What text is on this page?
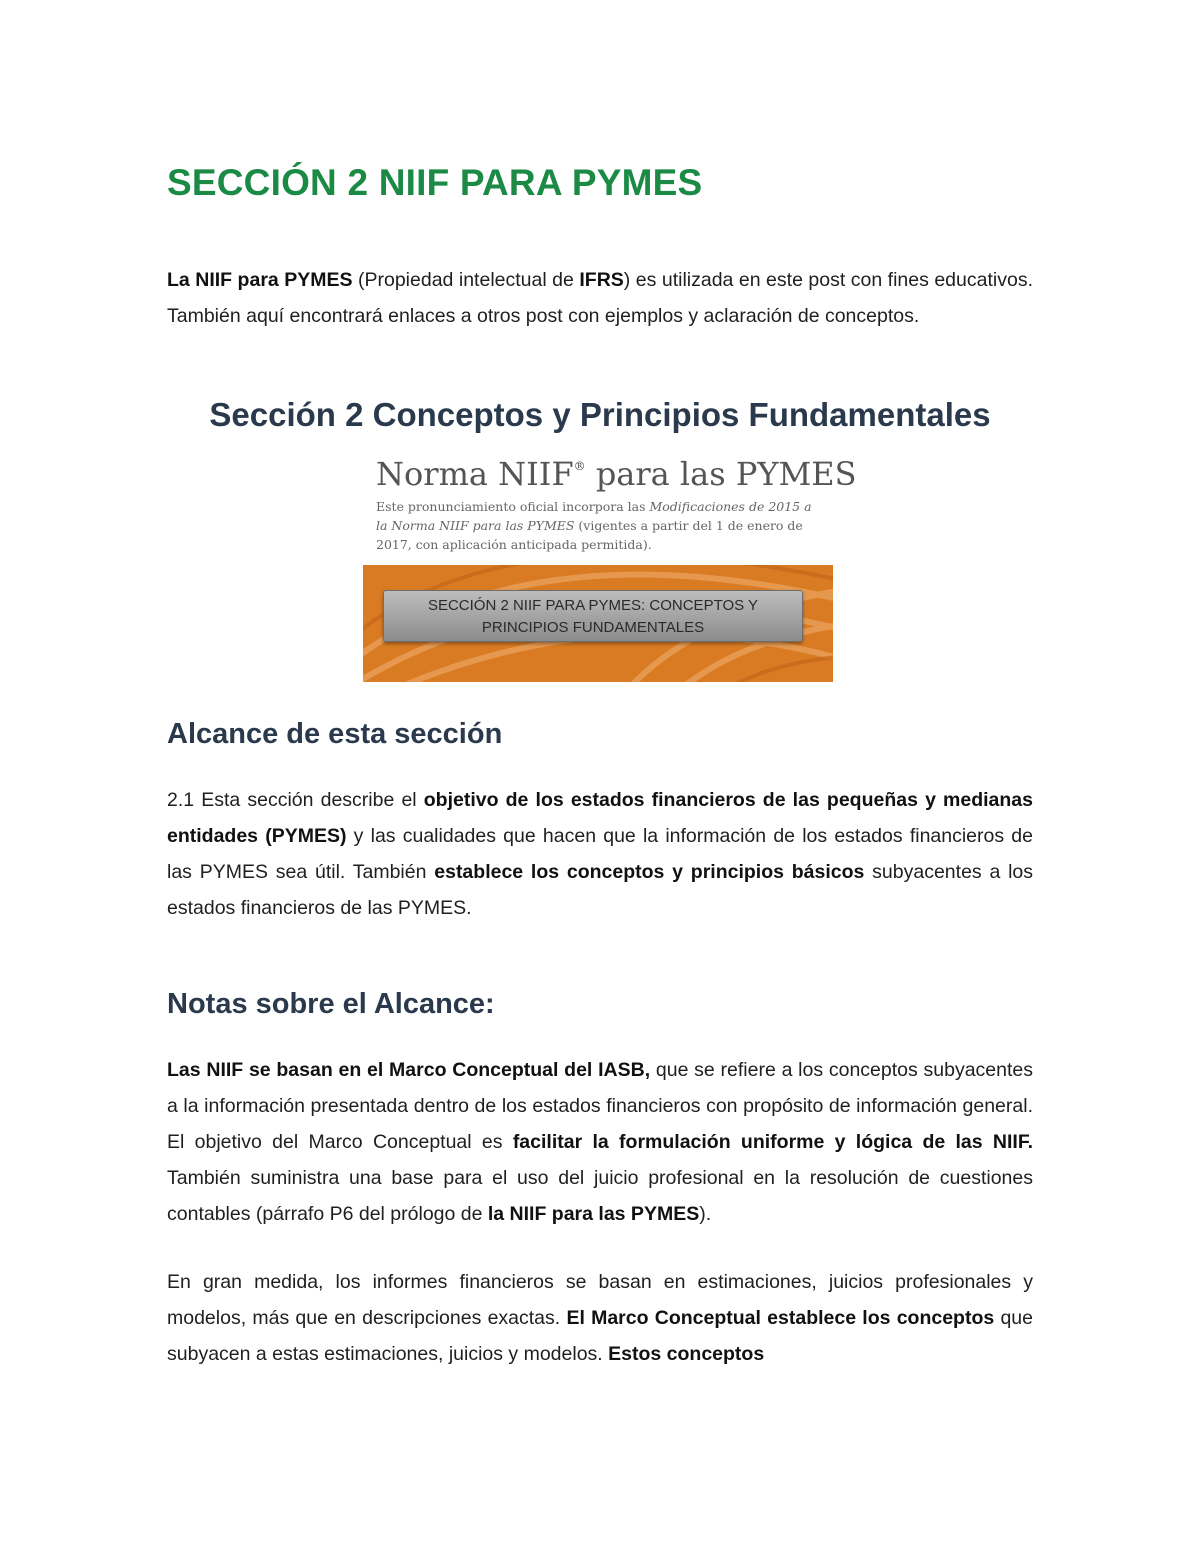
SECCIÓN 2 NIIF PARA PYMES

La NIIF para PYMES (Propiedad intelectual de IFRS) es utilizada en este post con fines educativos. También aquí encontrará enlaces a otros post con ejemplos y aclaración de conceptos.

Sección 2 Conceptos y Principios Fundamentales
Norma NIIF® para las PYMES
Este pronunciamiento oficial incorpora las Modificaciones de 2015 a la Norma NIIF para las PYMES (vigentes a partir del 1 de enero de 2017, con aplicación anticipada permitida).
SECCIÓN 2 NIIF PARA PYMES: CONCEPTOS Y
PRINCIPIOS FUNDAMENTALES
Alcance de esta sección

2.1 Esta sección describe el objetivo de los estados financieros de las pequeñas y medianas entidades (PYMES) y las cualidades que hacen que la información de los estados financieros de las PYMES sea útil. También establece los conceptos y principios básicos subyacentes a los estados financieros de las PYMES.

Notas sobre el Alcance:

Las NIIF se basan en el Marco Conceptual del IASB, que se refiere a los conceptos subyacentes a la información presentada dentro de los estados financieros con propósito de información general. El objetivo del Marco Conceptual es facilitar la formulación uniforme y lógica de las NIIF. También suministra una base para el uso del juicio profesional en la resolución de cuestiones contables (párrafo P6 del prólogo de la NIIF para las PYMES).

En gran medida, los informes financieros se basan en estimaciones, juicios profesionales y modelos, más que en descripciones exactas. El Marco Conceptual establece los conceptos que subyacen a estas estimaciones, juicios y modelos. Estos conceptos
